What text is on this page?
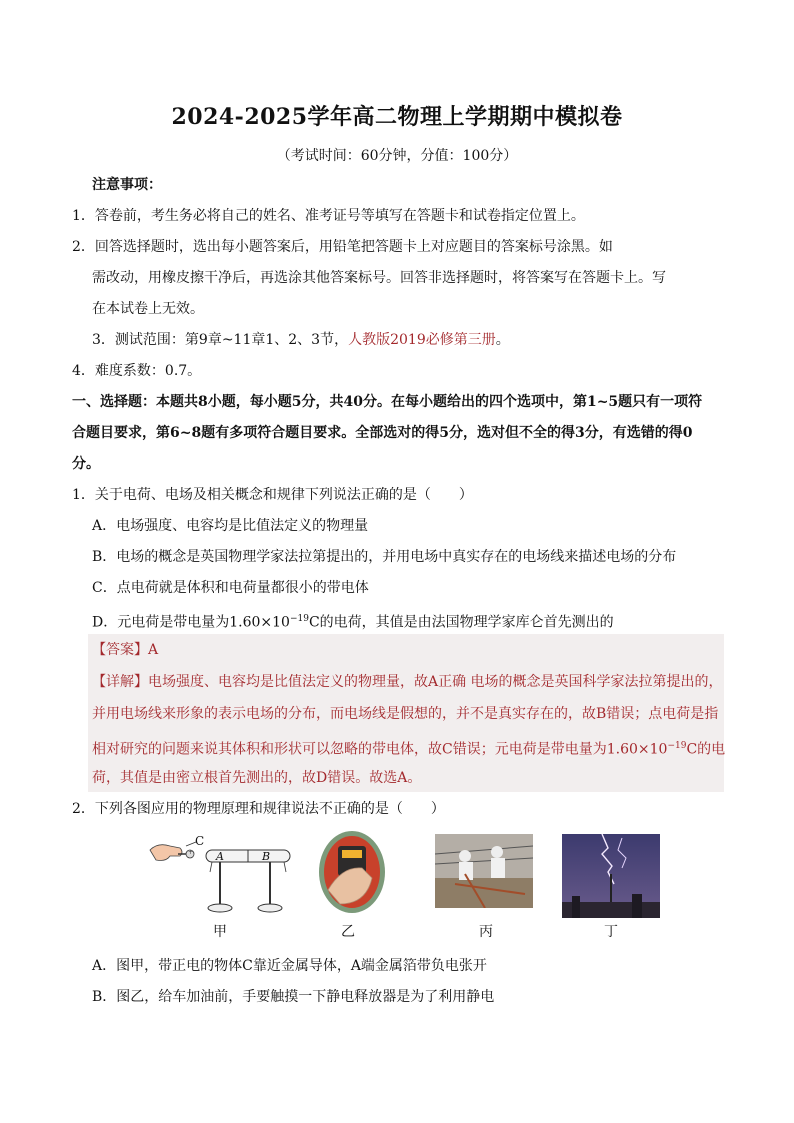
2024-2025学年高二物理上学期期中模拟卷
（考试时间：60分钟，分值：100分）
注意事项：
1．答卷前，考生务必将自己的姓名、准考证号等填写在答题卡和试卷指定位置上。
2．回答选择题时，选出每小题答案后，用铅笔把答题卡上对应题目的答案标号涂黑。如
需改动，用橡皮擦干净后，再选涂其他答案标号。回答非选择题时，将答案写在答题卡上。写
在本试卷上无效。
3．测试范围：第9章~11章1、2、3节，人教版2019必修第三册。
4．难度系数：0.7。
一、选择题：本题共8小题，每小题5分，共40分。在每小题给出的四个选项中，第1~5题只有一项符
合题目要求，第6~8题有多项符合题目要求。全部选对的得5分，选对但不全的得3分，有选错的得0
分。
1．关于电荷、电场及相关概念和规律下列说法正确的是（　　）
A．电场强度、电容均是比值法定义的物理量
B．电场的概念是英国物理学家法拉第提出的，并用电场中真实存在的电场线来描述电场的分布
C．点电荷就是体积和电荷量都很小的带电体
D．元电荷是带电量为$1.60\times 10^{-19}C$的电荷，其值是由法国物理学家库仑首先测出的
【答案】A
【详解】电场强度、电容均是比值法定义的物理量，故A正确 电场的概念是英国科学家法拉第提出的，
并用电场线来形象的表示电场的分布，而电场线是假想的，并不是真实存在的，故B错误；点电荷是指
相对研究的问题来说其体积和形状可以忽略的带电体，故C错误；元电荷是带电量为$1.60\times 10^{-19}C$的电
荷，其值是由密立根首先测出的，故D错误。故选A。
2．下列各图应用的物理原理和规律说法不正确的是（　　）
+
C
A	B
甲	乙	丙	丁
A．图甲，带正电的物体C靠近金属导体，A端金属箔带负电张开
B．图乙，给车加油前，手要触摸一下静电释放器是为了利用静电
